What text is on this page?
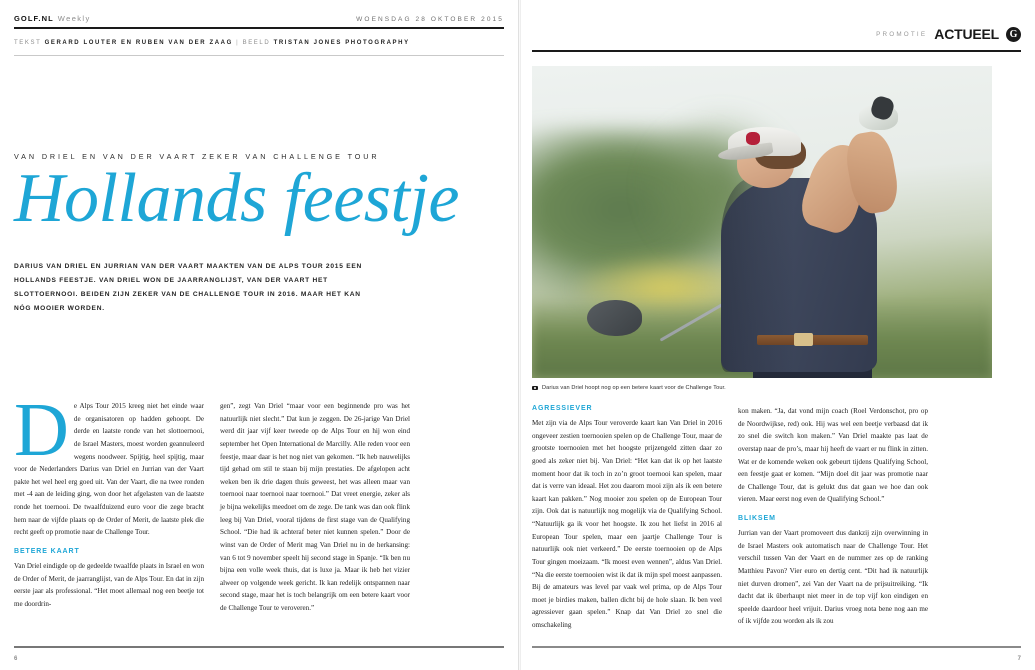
GOLF.NL Weekly	WOENSDAG 28 OKTOBER 2015
TEKST GERARD LOUTER EN RUBEN VAN DER ZAAG | BEELD TRISTAN JONES PHOTOGRAPHY
VAN DRIEL EN VAN DER VAART ZEKER VAN CHALLENGE TOUR
Hollands feestje
DARIUS VAN DRIEL EN JURRIAN VAN DER VAART MAAKTEN VAN DE ALPS TOUR 2015 EEN HOLLANDS FEESTJE. VAN DRIEL WON DE JAARRANGLIJST, VAN DER VAART HET SLOTTOERNOOI. BEIDEN ZIJN ZEKER VAN DE CHALLENGE TOUR IN 2016. MAAR HET KAN NÓG MOOIER WORDEN.

De Alps Tour 2015 kreeg niet het einde waar de organisatoren op hadden gehoopt. De derde en laatste ronde van het slottoernooi, de Israel Masters, moest worden geannuleerd wegens noodweer. Spijtig, heel spijtig, maar voor de Nederlanders Darius van Driel en Jurrian van der Vaart pakte het wel heel erg goed uit. Van der Vaart, die na twee ronden met -4 aan de leiding ging, won door het afgelasten van de laatste ronde het toernooi. De twaalfduizend euro voor die zege bracht hem naar de vijfde plaats op de Order of Merit, de laatste plek die recht geeft op promotie naar de Challenge Tour.

BETERE KAART

Van Driel eindigde op de gedeelde twaalfde plaats in Israel en won de Order of Merit, de jaarranglijst, van de Alps Tour. En dat in zijn eerste jaar als professional. “Het moet allemaal nog een beetje tot me doordrin-

gen”, zegt Van Driel “maar voor een beginnende pro was het natuurlijk niet slecht.” Dat kun je zeggen. De 26-jarige Van Driel werd dit jaar vijf keer tweede op de Alps Tour en hij won eind september het Open International de Marcilly. Alle reden voor een feestje, maar daar is het nog niet van gekomen. “Ik heb nauwelijks tijd gehad om stil te staan bij mijn prestaties. De afgelopen acht weken ben ik drie dagen thuis geweest, het was alleen maar van toernooi naar toernooi naar toernooi.” Dat vreet energie, zeker als je bijna wekelijks meedoet om de zege. De tank was dan ook flink leeg bij Van Driel, vooral tijdens de first stage van de Qualifying School. “Die had ik achteraf beter niet kunnen spelen.” Door de winst van de Order of Merit mag Van Driel nu in de herkansing: van 6 tot 9 november speelt hij second stage in Spanje. “Ik ben nu bijna een volle week thuis, dat is luxe ja. Maar ik heb het vizier alweer op volgende week gericht. Ik kan redelijk ontspannen naar second stage, maar het is toch belangrijk om een betere kaart voor de Challenge Tour te veroveren.”

6
PROMOTIE ACTUEEL	G
Darius van Driel hoopt nog op een betere kaart voor de Challenge Tour.
AGRESSIEVER

Met zijn via de Alps Tour veroverde kaart kan Van Driel in 2016 ongeveer zestien toernooien spelen op de Challenge Tour, maar de grootste toernooien met het hoogste prijzengeld zitten daar zo goed als zeker niet bij. Van Driel: “Het kan dat ik op het laatste moment hoor dat ik toch in zo’n groot toernooi kan spelen, maar dat is verre van ideaal. Het zou daarom mooi zijn als ik een betere kaart kan pakken.” Nog mooier zou spelen op de European Tour zijn. Ook dat is natuurlijk nog mogelijk via de Qualifying School. “Natuurlijk ga ik voor het hoogste. Ik zou het liefst in 2016 al European Tour spelen, maar een jaartje Challenge Tour is natuurlijk ook niet verkeerd.” De eerste toernooien op de Alps Tour gingen moeizaam. “Ik moest even wennen”, aldus Van Driel. “Na die eerste toernooien wist ik dat ik mijn spel moest aanpassen. Bij de amateurs was level par vaak wel prima, op de Alps Tour moet je birdies maken, ballen dicht bij de hole slaan. Ik ben veel agressiever gaan spelen.” Knap dat Van Driel zo snel die omschakeling

kon maken. “Ja, dat vond mijn coach (Roel Verdonschot, pro op de Noordwijkse, red) ook. Hij was wel een beetje verbaasd dat ik zo snel die switch kon maken.” Van Driel maakte pas laat de overstap naar de pro’s, maar hij heeft de vaart er nu flink in zitten. Wat er de komende weken ook gebeurt tijdens Qualifying School, een feestje gaat er komen. “Mijn doel dit jaar was promotie naar de Challenge Tour, dat is gelukt dus dat gaan we hoe dan ook vieren. Maar eerst nog even de Qualifying School.”

BLIKSEM

Jurrian van der Vaart promoveert dus dankzij zijn overwinning in de Israel Masters ook automatisch naar de Challenge Tour. Het verschil tussen Van der Vaart en de nummer zes op de ranking Matthieu Pavon? Vier euro en dertig cent. “Dit had ik natuurlijk niet durven dromen”, zei Van der Vaart na de prijsuitreiking. “Ik dacht dat ik überhaupt niet meer in de top vijf kon eindigen en speelde daardoor heel vrijuit. Darius vroeg nota bene nog aan me of ik vijfde zou worden als ik zou

7
